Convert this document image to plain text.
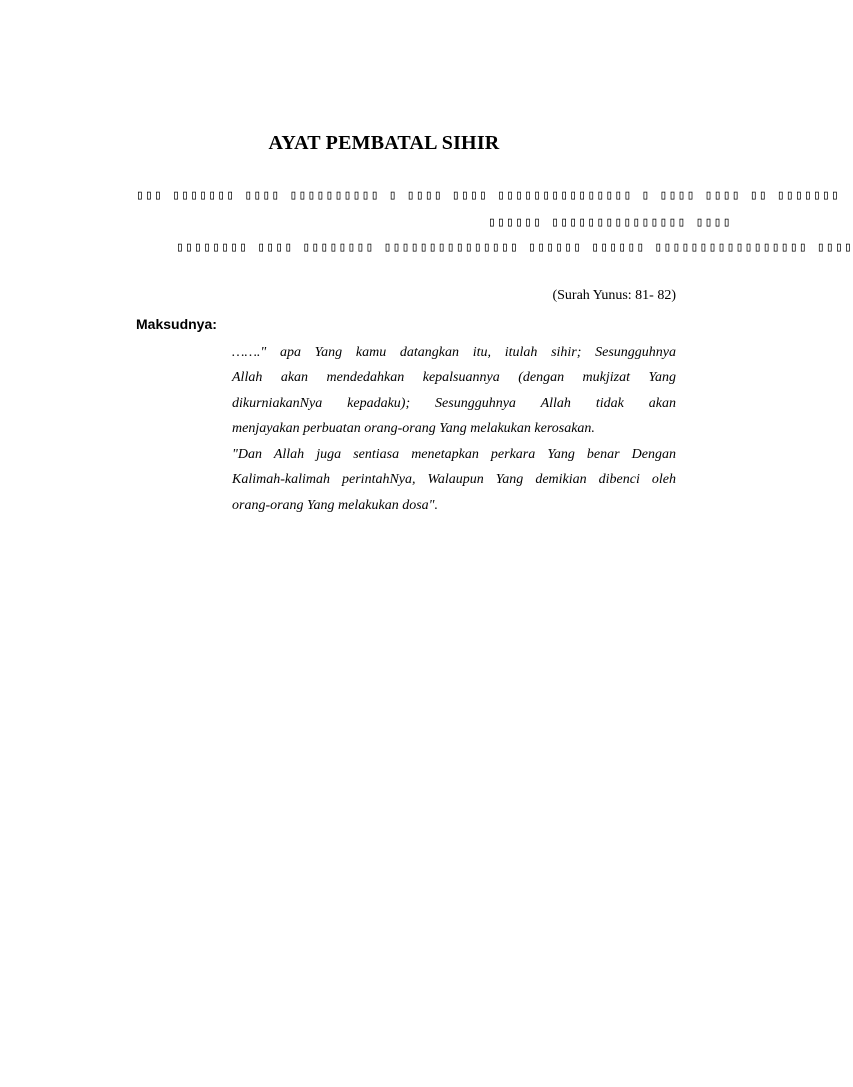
AYAT PEMBATAL SIHIR
▯▯▯ ▯▯▯▯▯▯▯ ▯▯▯▯ ▯▯▯▯▯▯▯▯▯▯ ▯ ▯▯▯▯ ▯▯▯▯ ▯▯▯▯▯▯▯▯▯▯▯▯▯▯▯ ▯ ▯▯▯▯ ▯▯▯▯ ▯▯ ▯▯▯▯▯▯▯
▯▯▯▯▯▯ ▯▯▯▯▯▯▯▯▯▯▯▯▯▯▯ ▯▯▯▯
▯▯▯▯▯▯▯▯ ▯▯▯▯ ▯▯▯▯▯▯▯▯ ▯▯▯▯▯▯▯▯▯▯▯▯▯▯▯ ▯▯▯▯▯▯ ▯▯▯▯▯▯ ▯▯▯▯▯▯▯▯▯▯▯▯▯▯▯▯▯ ▯▯▯▯
(Surah Yunus: 81- 82)
Maksudnya:
……." apa Yang kamu datangkan itu, itulah sihir; Sesungguhnya
Allah akan mendedahkan kepalsuannya (dengan mukjizat Yang
dikurniakanNya kepadaku); Sesungguhnya Allah tidak akan
menjayakan perbuatan orang-orang Yang melakukan kerosakan.
"Dan Allah juga sentiasa menetapkan perkara Yang benar Dengan
Kalimah-kalimah perintahNya, Walaupun Yang demikian dibenci oleh
orang-orang Yang melakukan dosa".
